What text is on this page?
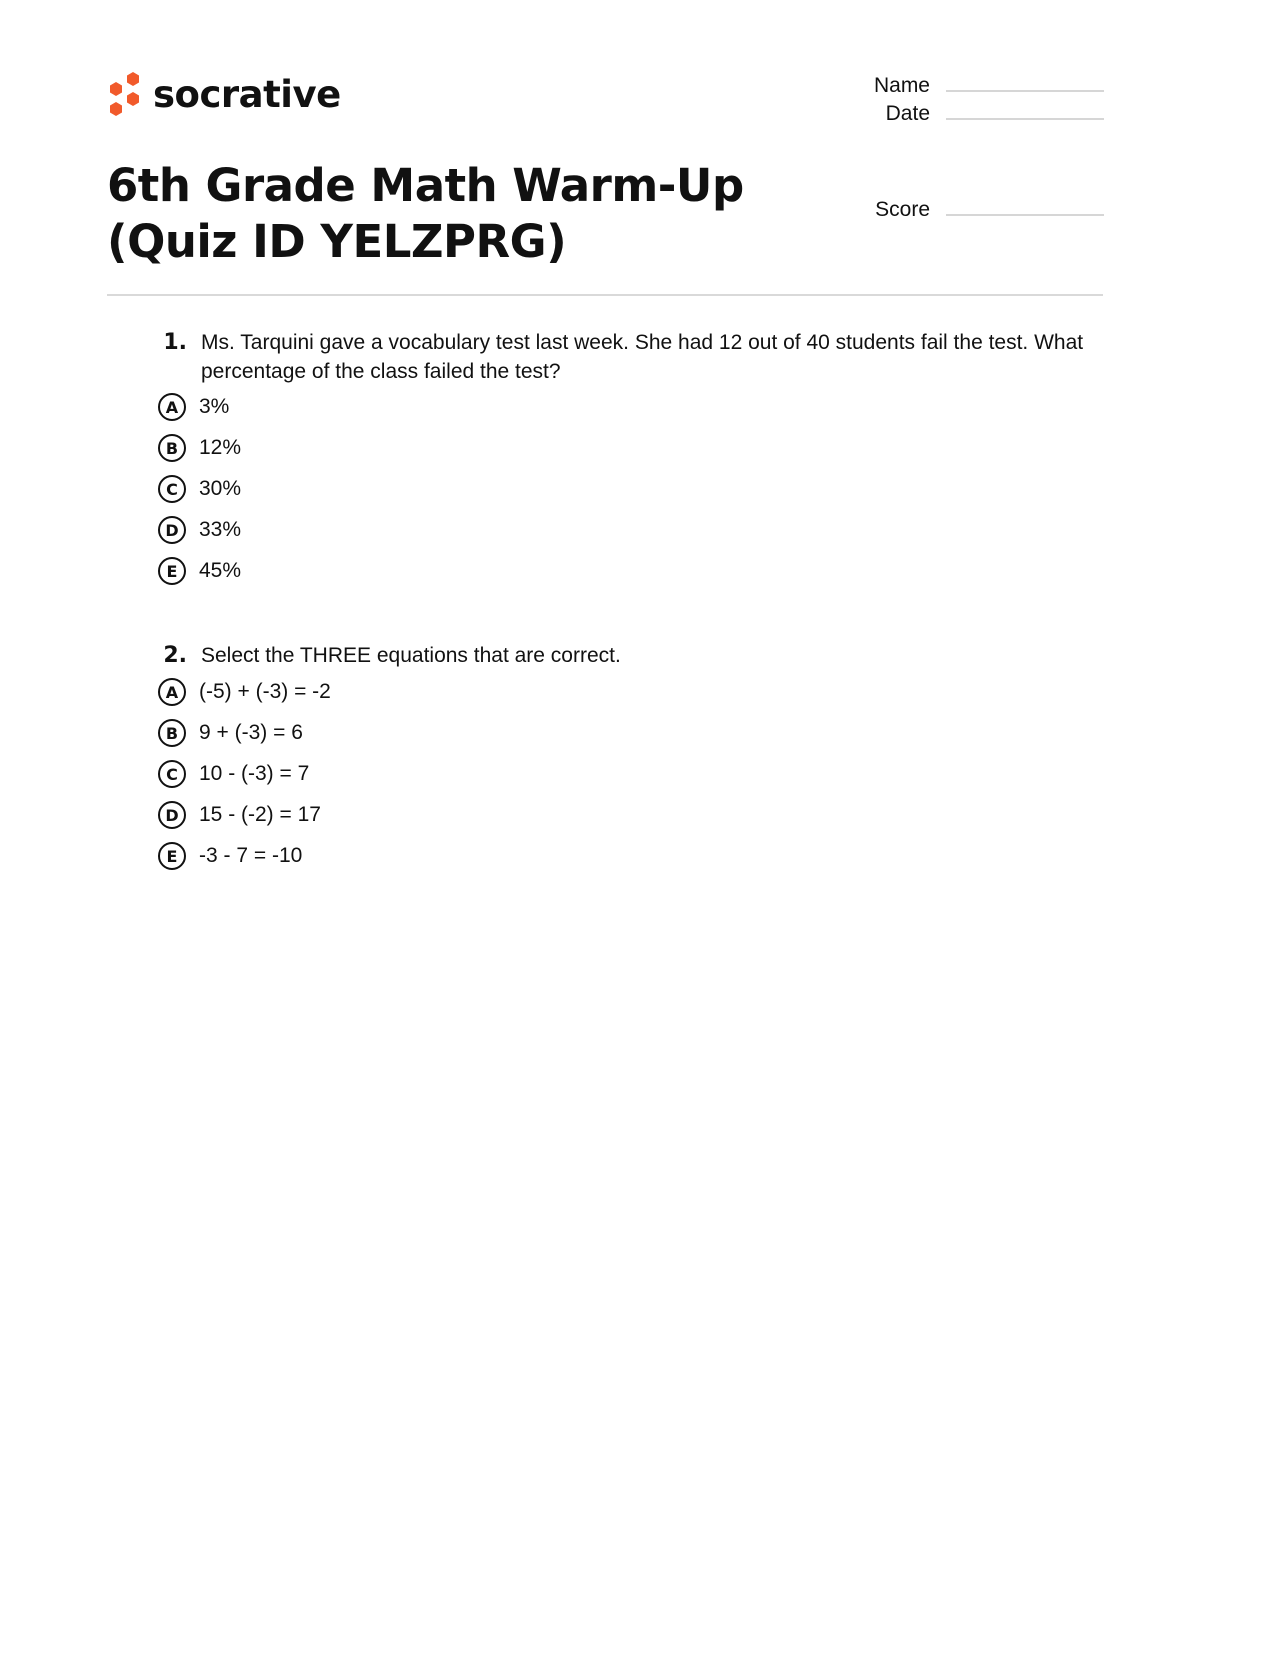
socrative	Name
Date
Score
6th Grade Math Warm-Up (Quiz ID YELZPRG)
1. Ms. Tarquini gave a vocabulary test last week. She had 12 out of 40 students fail the test. What percentage of the class failed the test?
A 3%
B 12%
C	30%
D 33%
E	45%
2. Select the THREE equations that are correct.
A (-5) + (-3) = -2
B 9 + (-3) = 6
C	10 - (-3) = 7
D 15 - (-2) = 17
E	-3 - 7 = -10
